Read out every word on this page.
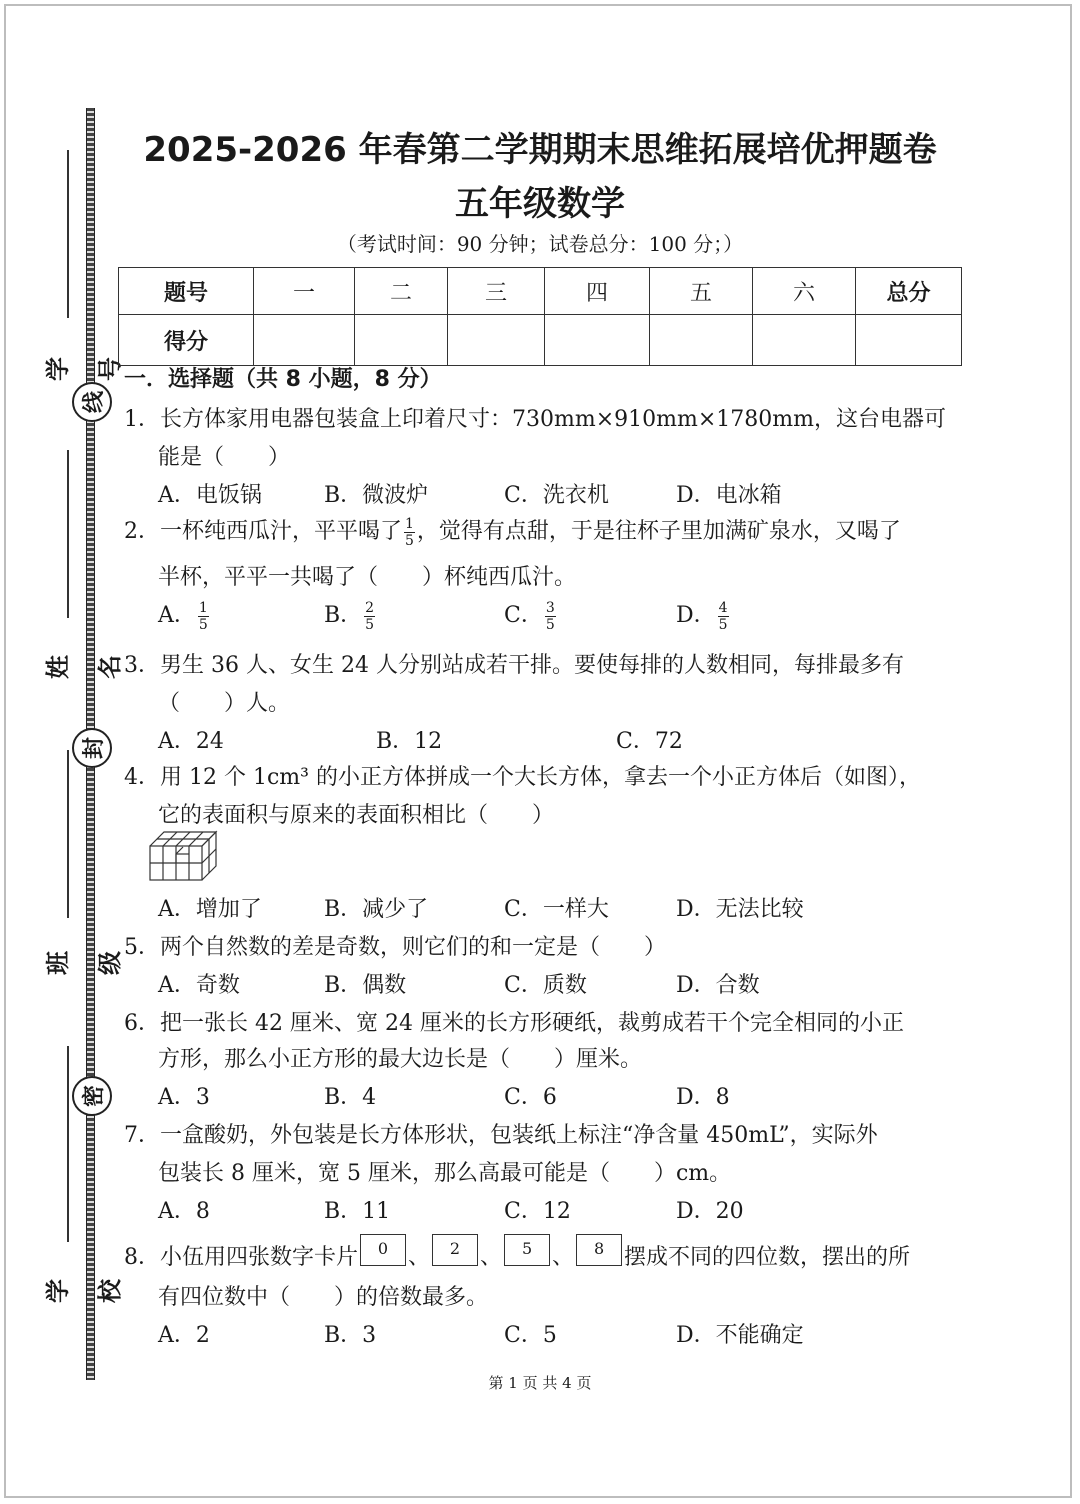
线
封
密
学号
姓名
班级
学校
2025-2026 年春第二学期期末思维拓展培优押题卷
五年级数学
（考试时间：90 分钟；试卷总分：100 分；）
题号	一	二	三	四	五	六	总分
得分							
一．选择题（共 8 小题，8 分）
1．长方体家用电器包装盒上印着尺寸：730mm×910mm×1780mm，这台电器可
能是（　　）
A．电饭锅	B．微波炉	C．洗衣机	D．电冰箱
2．一杯纯西瓜汁，平平喝了 $\frac{1}{5}$ ，觉得有点甜，于是往杯子里加满矿泉水，又喝了
半杯，平平一共喝了（　　）杯纯西瓜汁。
A． $\frac{1}{5}$	B． $\frac{2}{5}$	C． $\frac{3}{5}$	D． $\frac{4}{5}$
3．男生 36 人、女生 24 人分别站成若干排。要使每排的人数相同，每排最多有
（　　）人。
A．24	B．12	C．72
4．用 12 个 1cm³ 的小正方体拼成一个大长方体，拿去一个小正方体后（如图），
它的表面积与原来的表面积相比（　　）
A．增加了	B．减少了	C．一样大	D．无法比较
5．两个自然数的差是奇数，则它们的和一定是（　　）
A．奇数	B．偶数	C．质数	D．合数
6．把一张长 42 厘米、宽 24 厘米的长方形硬纸，裁剪成若干个完全相同的小正
方形，那么小正方形的最大边长是（　　）厘米。
A．3	B．4	C．6	D．8
7．一盒酸奶，外包装是长方体形状，包装纸上标注“净含量 450mL”，实际外
包装长 8 厘米，宽 5 厘米，那么高最可能是（　　）cm。
A．8	B．11	C．12	D．20
8．小伍用四张数字卡片 0 、 2 、 5 、 8 摆成不同的四位数，摆出的所
有四位数中（　　）的倍数最多。
A．2	B．3	C．5	D．不能确定
第 1 页 共 4 页
